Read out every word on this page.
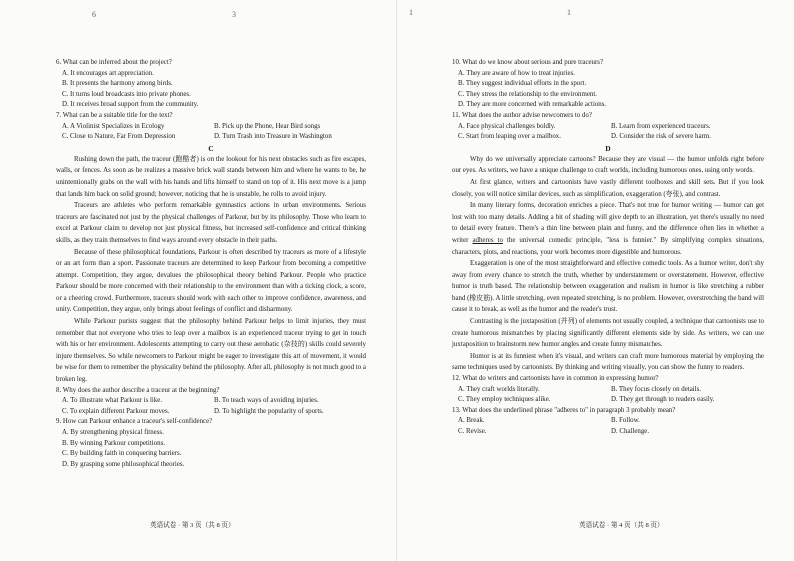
6	3
6. What can be inferred about the project?
A. It encourages art appreciation.
B. It presents the harmony among birds.
C. It turns loud broadcasts into private phones.
D. It receives broad support from the community.
7. What can be a suitable title for the text?
A. A Violinist Specializes in Ecology	B. Pick up the Phone, Hear Bird songs
C. Close to Nature, Far From Depression	D. Turn Trash into Treasure in Washington
C

Rushing down the path, the traceur (跑酷者) is on the lookout for his next obstacles such as fire escapes, walls, or fences. As soon as he realizes a massive brick wall stands between him and where he wants to be, he unintentionally grabs on the wall with his hands and lifts himself to stand on top of it. His next move is a jump that lands him back on solid ground; however, noticing that he is unstable, he rolls to avoid injury.

Traceurs are athletes who perform remarkable gymnastics actions in urban environments. Serious traceurs are fascinated not just by the physical challenges of Parkour, but by its philosophy. Those who learn to excel at Parkour claim to develop not just physical fitness, but increased self-confidence and critical thinking skills, as they train themselves to find ways around every obstacle in their paths.

Because of these philosophical foundations, Parkour is often described by traceurs as more of a lifestyle or an art form than a sport. Passionate traceurs are determined to keep Parkour from becoming a competitive attempt. Competition, they argue, devalues the philosophical theory behind Parkour. People who practice Parkour should be more concerned with their relationship to the environment than with a ticking clock, a score, or a cheering crowd. Furthermore, traceurs should work with each other to improve confidence, awareness, and unity. Competition, they argue, only brings about feelings of conflict and disharmony.

While Parkour purists suggest that the philosophy behind Parkour helps to limit injuries, they must remember that not everyone who tries to leap over a mailbox is an experienced traceur trying to get in touch with his or her environment. Adolescents attempting to carry out these aerobatic (杂技的) skills could severely injure themselves. So while newcomers to Parkour might be eager to investigate this art of movement, it would be wise for them to remember the physicality behind the philosophy. After all, philosophy is not much good to a broken leg.

8. Why does the author describe a traceur at the beginning?
A. To illustrate what Parkour is like.	B. To teach ways of avoiding injuries.
C. To explain different Parkour moves.	D. To highlight the popularity of sports.
9. How can Parkour enhance a traceur's self-confidence?
A. By strengthening physical fitness.
B. By winning Parkour competitions.
C. By building faith in conquering barriers.
D. By grasping some philosophical theories.
英语试卷 · 第 3 页（共 8 页）
1	1
10. What do we know about serious and pure traceurs?
A. They are aware of how to treat injuries.
B. They suggest individual efforts in the sport.
C. They stress the relationship to the environment.
D. They are more concerned with remarkable actions.
11. What does the author advise newcomers to do?
A. Face physical challenges boldly.	B. Learn from experienced traceurs.
C. Start from leaping over a mailbox.	D. Consider the risk of severe harm.
D

Why do we universally appreciate cartoons? Because they are visual — the humor unfolds right before our eyes. As writers, we have a unique challenge to craft worlds, including humorous ones, using only words.

At first glance, writers and cartoonists have vastly different toolboxes and skill sets. But if you look closely, you will notice similar devices, such as simplification, exaggeration (夸张), and contrast.

In many literary forms, decoration enriches a piece. That's not true for humor writing — humor can get lost with too many details. Adding a bit of shading will give depth to an illustration, yet there's usually no need to detail every feature. There's a thin line between plain and funny, and the difference often lies in whether a writer adheres to the universal comedic principle, "less is funnier." By simplifying complex situations, characters, plots, and reactions, your work becomes more digestible and humorous.

Exaggeration is one of the most straightforward and effective comedic tools. As a humor writer, don't shy away from every chance to stretch the truth, whether by understatement or overstatement. However, effective humor is truth based. The relationship between exaggeration and realism in humor is like stretching a rubber band (橡皮筋). A little stretching, even repeated stretching, is no problem. However, overstretching the band will cause it to break, as well as the humor and the reader's trust.

Contrasting is the juxtaposition (并列) of elements not usually coupled, a technique that cartoonists use to create humorous mismatches by placing significantly different elements side by side. As writers, we can use juxtaposition to brainstorm new humor angles and create funny mismatches.

Humor is at its funniest when it's visual, and writers can craft more humorous material by employing the same techniques used by cartoonists. By thinking and writing visually, you can show the funny to readers.

12. What do writers and cartoonists have in common in expressing humor?
A. They craft worlds literally.	B. They focus closely on details.
C. They employ techniques alike.	D. They get through to readers easily.
13. What does the underlined phrase "adheres to" in paragraph 3 probably mean?
A. Break.	B. Follow.
C. Revise.	D. Challenge.
英语试卷 · 第 4 页（共 8 页）
